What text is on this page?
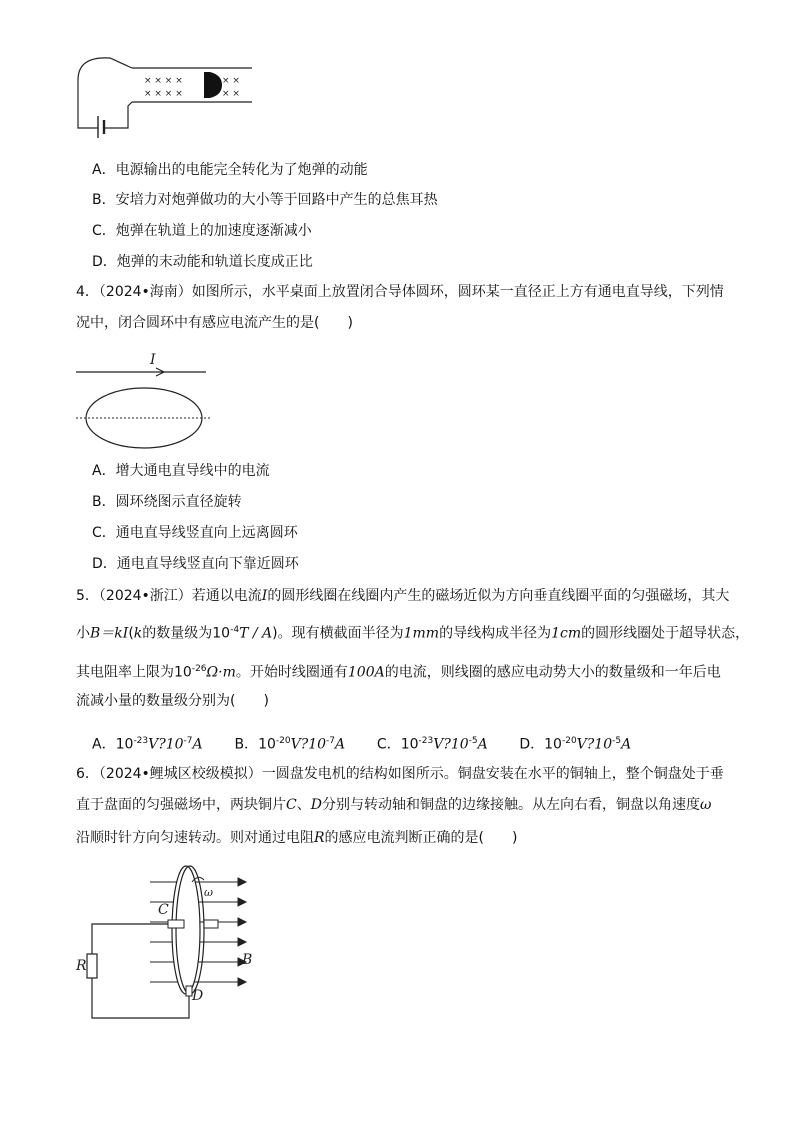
× × × ×
× × × ×
× ×
× ×
A．电源输出的电能完全转化为了炮弹的动能
B．安培力对炮弹做功的大小等于回路中产生的总焦耳热
C．炮弹在轨道上的加速度逐渐减小
D．炮弹的末动能和轨道长度成正比
4．（2024•海南）如图所示，水平桌面上放置闭合导体圆环，圆环某一直径正上方有通电直导线，下列情
况中，闭合圆环中有感应电流产生的是(　　)
I
A．增大通电直导线中的电流
B．圆环绕图示直径旋转
C．通电直导线竖直向上远离圆环
D．通电直导线竖直向下靠近圆环
5．（2024•浙江）若通以电流I的圆形线圈在线圈内产生的磁场近似为方向垂直线圈平面的匀强磁场，其大
小B＝kI(k的数量级为$10^{-4}T / A$)。现有横截面半径为1mm的导线构成半径为1cm的圆形线圈处于超导状态，
其电阻率上限为$10^{-26}\Omega\cdot m$。开始时线圈通有100A的电流，则线圈的感应电动势大小的数量级和一年后电
流减小量的数量级分别为(　　)
A．$10^{-23}V?10^{-7}A$ B．$10^{-20}V?10^{-7}A$ C．$10^{-23}V?10^{-5}A$ D．$10^{-20}V?10^{-5}A$
6．（2024•鲤城区校级模拟）一圆盘发电机的结构如图所示。铜盘安装在水平的铜轴上，整个铜盘处于垂
直于盘面的匀强磁场中，两块铜片C、D分别与转动轴和铜盘的边缘接触。从左向右看，铜盘以角速度ω
沿顺时针方向匀速转动。则对通过电阻R的感应电流判断正确的是(　　)
C
R	B
D
ω
